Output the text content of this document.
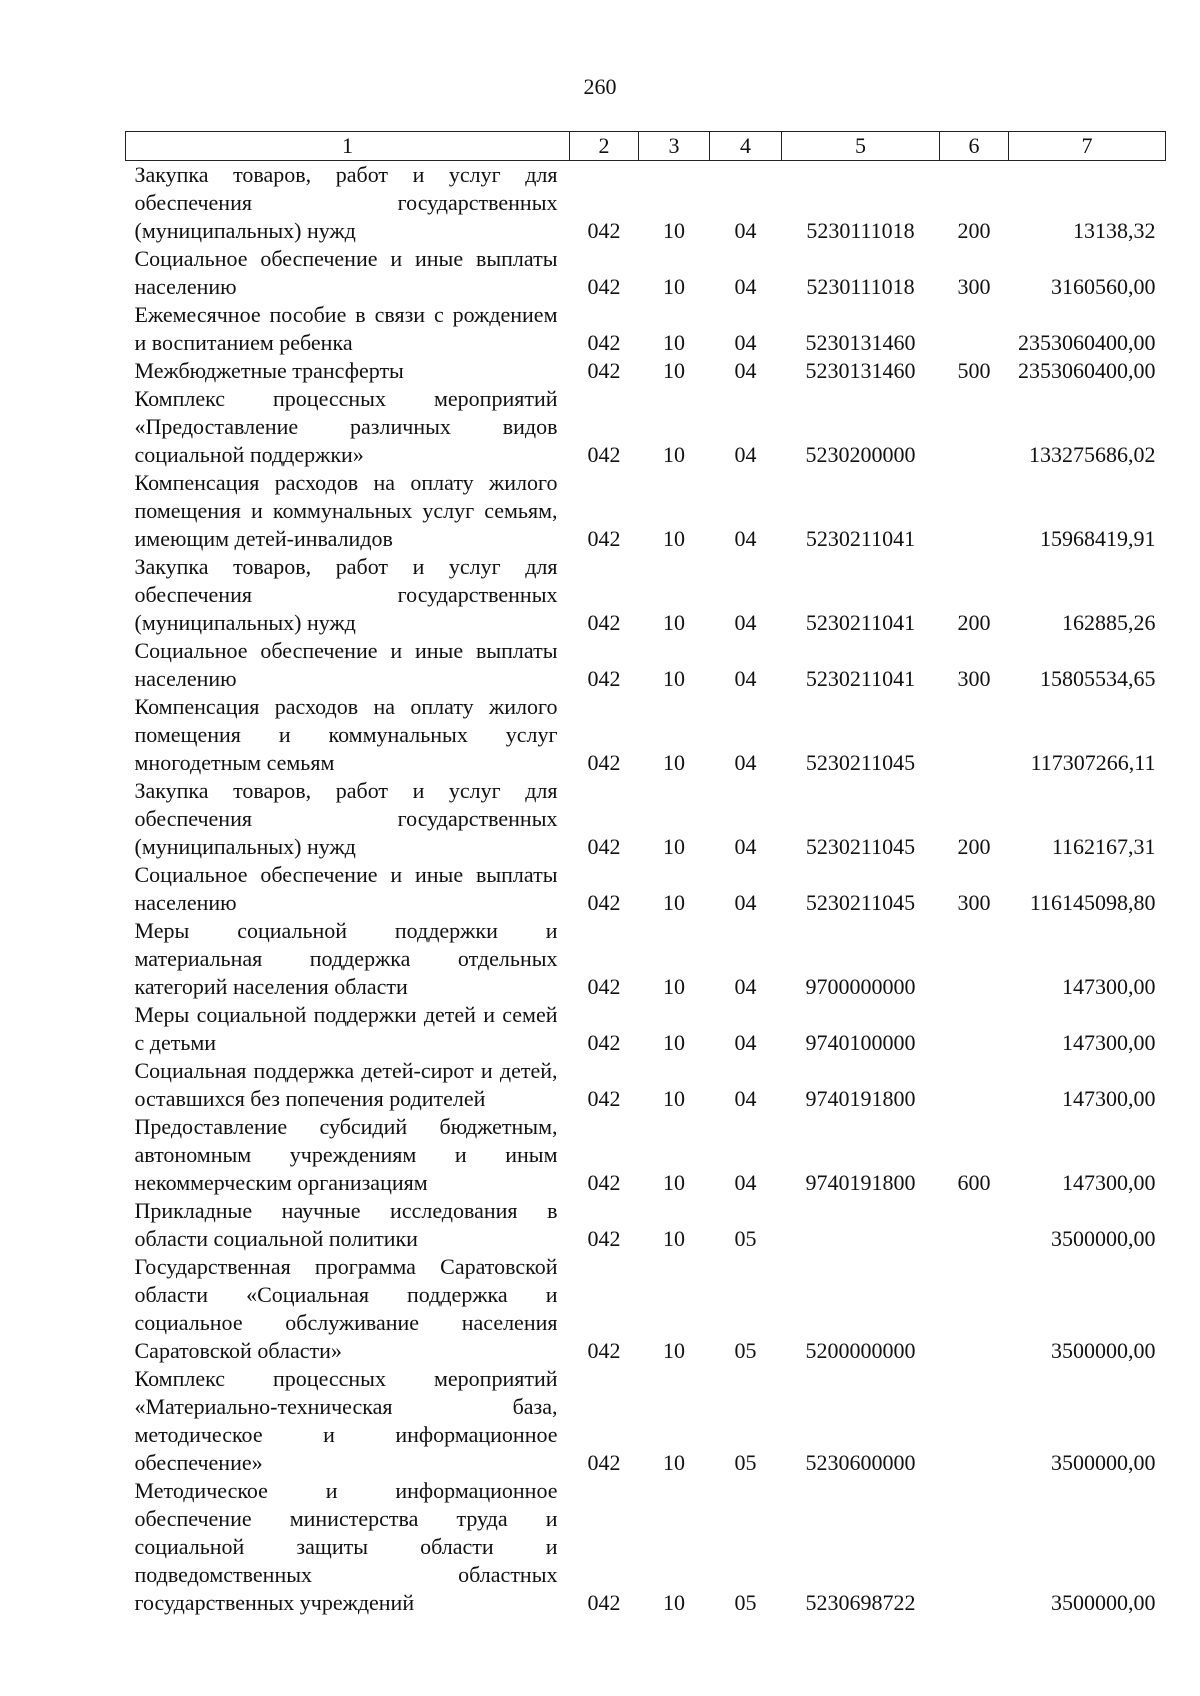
260
1	2	3	4	5	6	7
Закупка товаров, работ и услуг для обеспечения государственных (муниципальных) нужд	042	10	04	5230111018	200	13138,32
Социальное обеспечение и иные выплаты населению	042	10	04	5230111018	300	3160560,00
Ежемесячное пособие в связи с рождением и воспитанием ребенка	042	10	04	5230131460		2353060400,00
Межбюджетные трансферты	042	10	04	5230131460	500	2353060400,00
Комплекс процессных мероприятий «Предоставление различных видов социальной поддержки»	042	10	04	5230200000		133275686,02
Компенсация расходов на оплату жилого помещения и коммунальных услуг семьям, имеющим детей-инвалидов	042	10	04	5230211041		15968419,91
Закупка товаров, работ и услуг для обеспечения государственных (муниципальных) нужд	042	10	04	5230211041	200	162885,26
Социальное обеспечение и иные выплаты населению	042	10	04	5230211041	300	15805534,65
Компенсация расходов на оплату жилого помещения и коммунальных услуг многодетным семьям	042	10	04	5230211045		117307266,11
Закупка товаров, работ и услуг для обеспечения государственных (муниципальных) нужд	042	10	04	5230211045	200	1162167,31
Социальное обеспечение и иные выплаты населению	042	10	04	5230211045	300	116145098,80
Меры социальной поддержки и материальная поддержка отдельных категорий населения области	042	10	04	9700000000		147300,00
Меры социальной поддержки детей и семей с детьми	042	10	04	9740100000		147300,00
Социальная поддержка детей-сирот и детей, оставшихся без попечения родителей	042	10	04	9740191800		147300,00
Предоставление субсидий бюджетным, автономным учреждениям и иным некоммерческим организациям	042	10	04	9740191800	600	147300,00
Прикладные научные исследования в области социальной политики	042	10	05			3500000,00
Государственная программа Саратовской области «Социальная поддержка и социальное обслуживание населения Саратовской области»	042	10	05	5200000000		3500000,00
Комплекс процессных мероприятий «Материально-техническая база, методическое и информационное обеспечение»	042	10	05	5230600000		3500000,00
Методическое и информационное обеспечение министерства труда и социальной защиты области и подведомственных областных государственных учреждений	042	10	05	5230698722		3500000,00
